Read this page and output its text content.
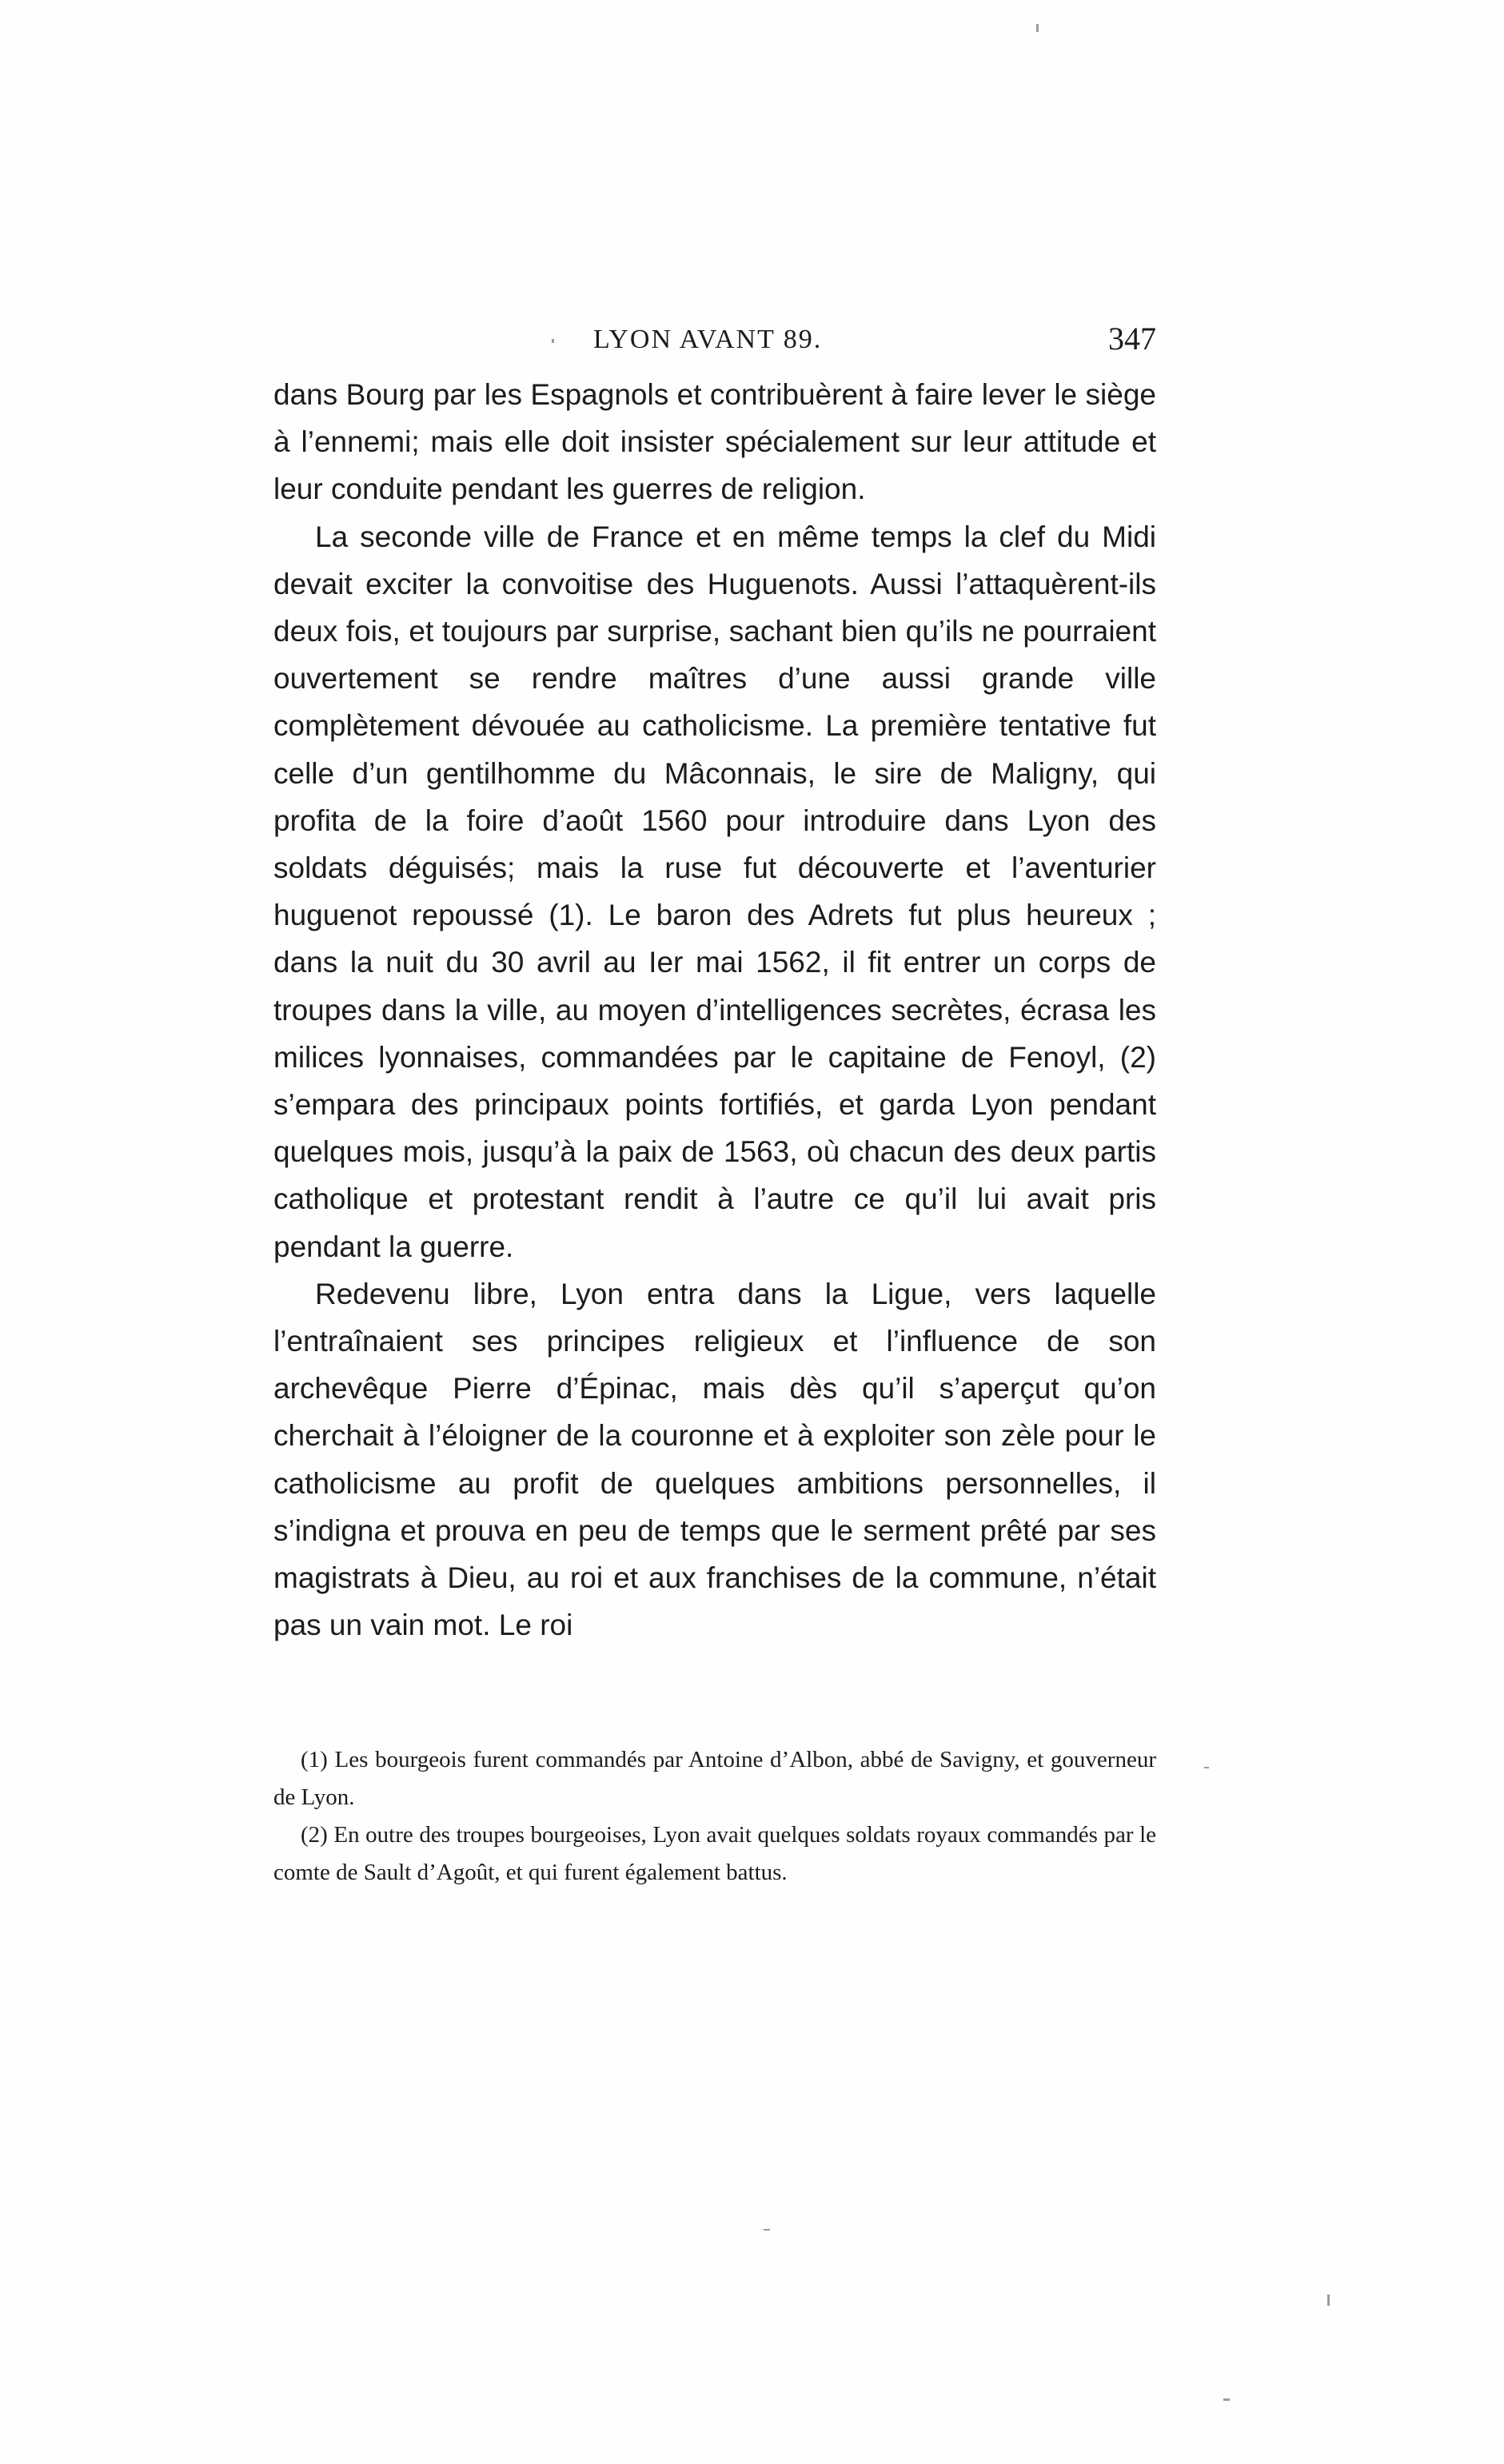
LYON AVANT 89.	347

dans Bourg par les Espagnols et contribuèrent à faire lever le siège à l’ennemi; mais elle doit insister spécialement sur leur attitude et leur conduite pendant les guerres de religion.

La seconde ville de France et en même temps la clef du Midi devait exciter la convoitise des Huguenots. Aussi l’attaquèrent-ils deux fois, et toujours par surprise, sachant bien qu’ils ne pourraient ouvertement se rendre maîtres d’une aussi grande ville complètement dévouée au catholicisme. La première tentative fut celle d’un gentilhomme du Mâconnais, le sire de Maligny, qui profita de la foire d’août 1560 pour introduire dans Lyon des soldats déguisés; mais la ruse fut découverte et l’aventurier huguenot repoussé (1). Le baron des Adrets fut plus heureux ; dans la nuit du 30 avril au Ier mai 1562, il fit entrer un corps de troupes dans la ville, au moyen d’intelligences secrètes, écrasa les milices lyonnaises, commandées par le capitaine de Fenoyl, (2) s’empara des principaux points fortifiés, et garda Lyon pendant quelques mois, jusqu’à la paix de 1563, où chacun des deux partis catholique et protestant rendit à l’autre ce qu’il lui avait pris pendant la guerre.

Redevenu libre, Lyon entra dans la Ligue, vers laquelle l’entraînaient ses principes religieux et l’influence de son archevêque Pierre d’Épinac, mais dès qu’il s’aperçut qu’on cherchait à l’éloigner de la couronne et à exploiter son zèle pour le catholicisme au profit de quelques ambitions personnelles, il s’indigna et prouva en peu de temps que le serment prêté par ses magistrats à Dieu, au roi et aux franchises de la commune, n’était pas un vain mot. Le roi

(1) Les bourgeois furent commandés par Antoine d’Albon, abbé de Savigny, et gouverneur de Lyon.

(2) En outre des troupes bourgeoises, Lyon avait quelques soldats royaux commandés par le comte de Sault d’Agoût, et qui furent également battus.
